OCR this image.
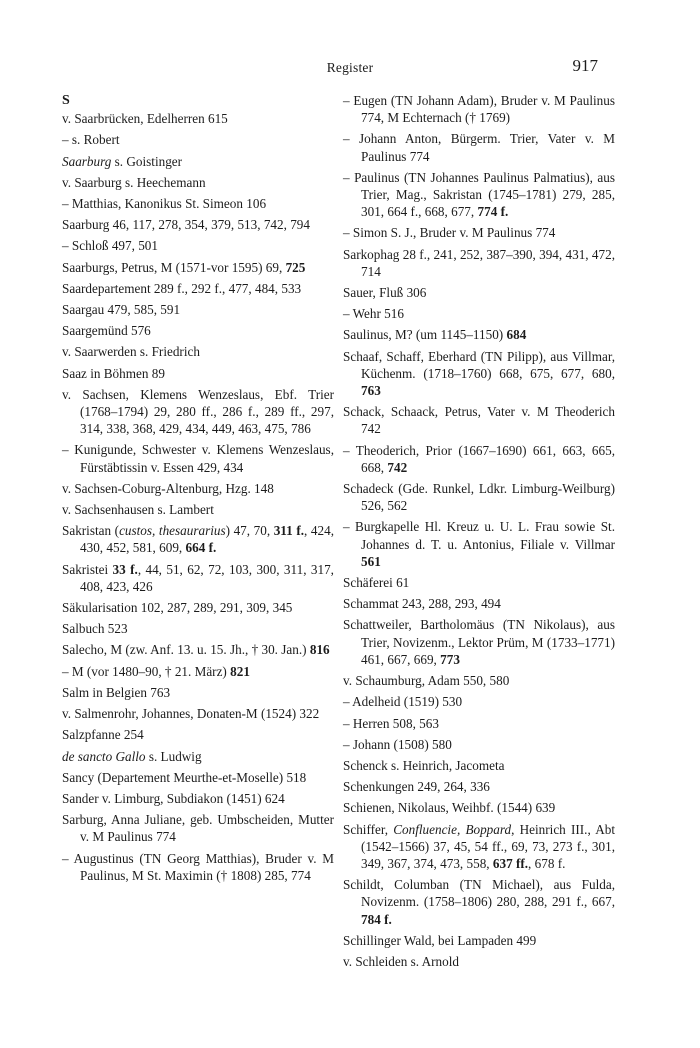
Register	917
S
v. Saarbrücken, Edelherren 615
– s. Robert
Saarburg s. Goistinger
v. Saarburg s. Heechemann
– Matthias, Kanonikus St. Simeon 106
Saarburg 46, 117, 278, 354, 379, 513, 742, 794
– Schloß 497, 501
Saarburgs, Petrus, M (1571-vor 1595) 69, 725
Saardepartement 289 f., 292 f., 477, 484, 533
Saargau 479, 585, 591
Saargemünd 576
v. Saarwerden s. Friedrich
Saaz in Böhmen 89
v. Sachsen, Klemens Wenzeslaus, Ebf. Trier (1768–1794) 29, 280 ff., 286 f., 289 ff., 297, 314, 338, 368, 429, 434, 449, 463, 475, 786
– Kunigunde, Schwester v. Klemens Wenzeslaus, Fürstäbtissin v. Essen 429, 434
v. Sachsen-Coburg-Altenburg, Hzg. 148
v. Sachsenhausen s. Lambert
Sakristan (custos, thesaurarius) 47, 70, 311 f., 424, 430, 452, 581, 609, 664 f.
Sakristei 33 f., 44, 51, 62, 72, 103, 300, 311, 317, 408, 423, 426
Säkularisation 102, 287, 289, 291, 309, 345
Salbuch 523
Salecho, M (zw. Anf. 13. u. 15. Jh., † 30. Jan.) 816
– M (vor 1480–90, † 21. März) 821
Salm in Belgien 763
v. Salmenrohr, Johannes, Donaten-M (1524) 322
Salzpfanne 254
de sancto Gallo s. Ludwig
Sancy (Departement Meurthe-et-Moselle) 518
Sander v. Limburg, Subdiakon (1451) 624
Sarburg, Anna Juliane, geb. Umbscheiden, Mutter v. M Paulinus 774
– Augustinus (TN Georg Matthias), Bruder v. M Paulinus, M St. Maximin († 1808) 285, 774
– Eugen (TN Johann Adam), Bruder v. M Paulinus 774, M Echternach († 1769)
– Johann Anton, Bürgerm. Trier, Vater v. M Paulinus 774
– Paulinus (TN Johannes Paulinus Palmatius), aus Trier, Mag., Sakristan (1745–1781) 279, 285, 301, 664 f., 668, 677, 774 f.
– Simon S. J., Bruder v. M Paulinus 774
Sarkophag 28 f., 241, 252, 387–390, 394, 431, 472, 714
Sauer, Fluß 306
– Wehr 516
Saulinus, M? (um 1145–1150) 684
Schaaf, Schaff, Eberhard (TN Pilipp), aus Villmar, Küchenm. (1718–1760) 668, 675, 677, 680, 763
Schack, Schaack, Petrus, Vater v. M Theoderich 742
– Theoderich, Prior (1667–1690) 661, 663, 665, 668, 742
Schadeck (Gde. Runkel, Ldkr. Limburg-Weilburg) 526, 562
– Burgkapelle Hl. Kreuz u. U. L. Frau sowie St. Johannes d. T. u. Antonius, Filiale v. Villmar 561
Schäferei 61
Schammat 243, 288, 293, 494
Schattweiler, Bartholomäus (TN Nikolaus), aus Trier, Novizenm., Lektor Prüm, M (1733–1771) 461, 667, 669, 773
v. Schaumburg, Adam 550, 580
– Adelheid (1519) 530
– Herren 508, 563
– Johann (1508) 580
Schenck s. Heinrich, Jacometa
Schenkungen 249, 264, 336
Schienen, Nikolaus, Weihbf. (1544) 639
Schiffer, Confluencie, Boppard, Heinrich III., Abt (1542–1566) 37, 45, 54 ff., 69, 73, 273 f., 301, 349, 367, 374, 473, 558, 637 ff., 678 f.
Schildt, Columban (TN Michael), aus Fulda, Novizenm. (1758–1806) 280, 288, 291 f., 667, 784 f.
Schillinger Wald, bei Lampaden 499
v. Schleiden s. Arnold
